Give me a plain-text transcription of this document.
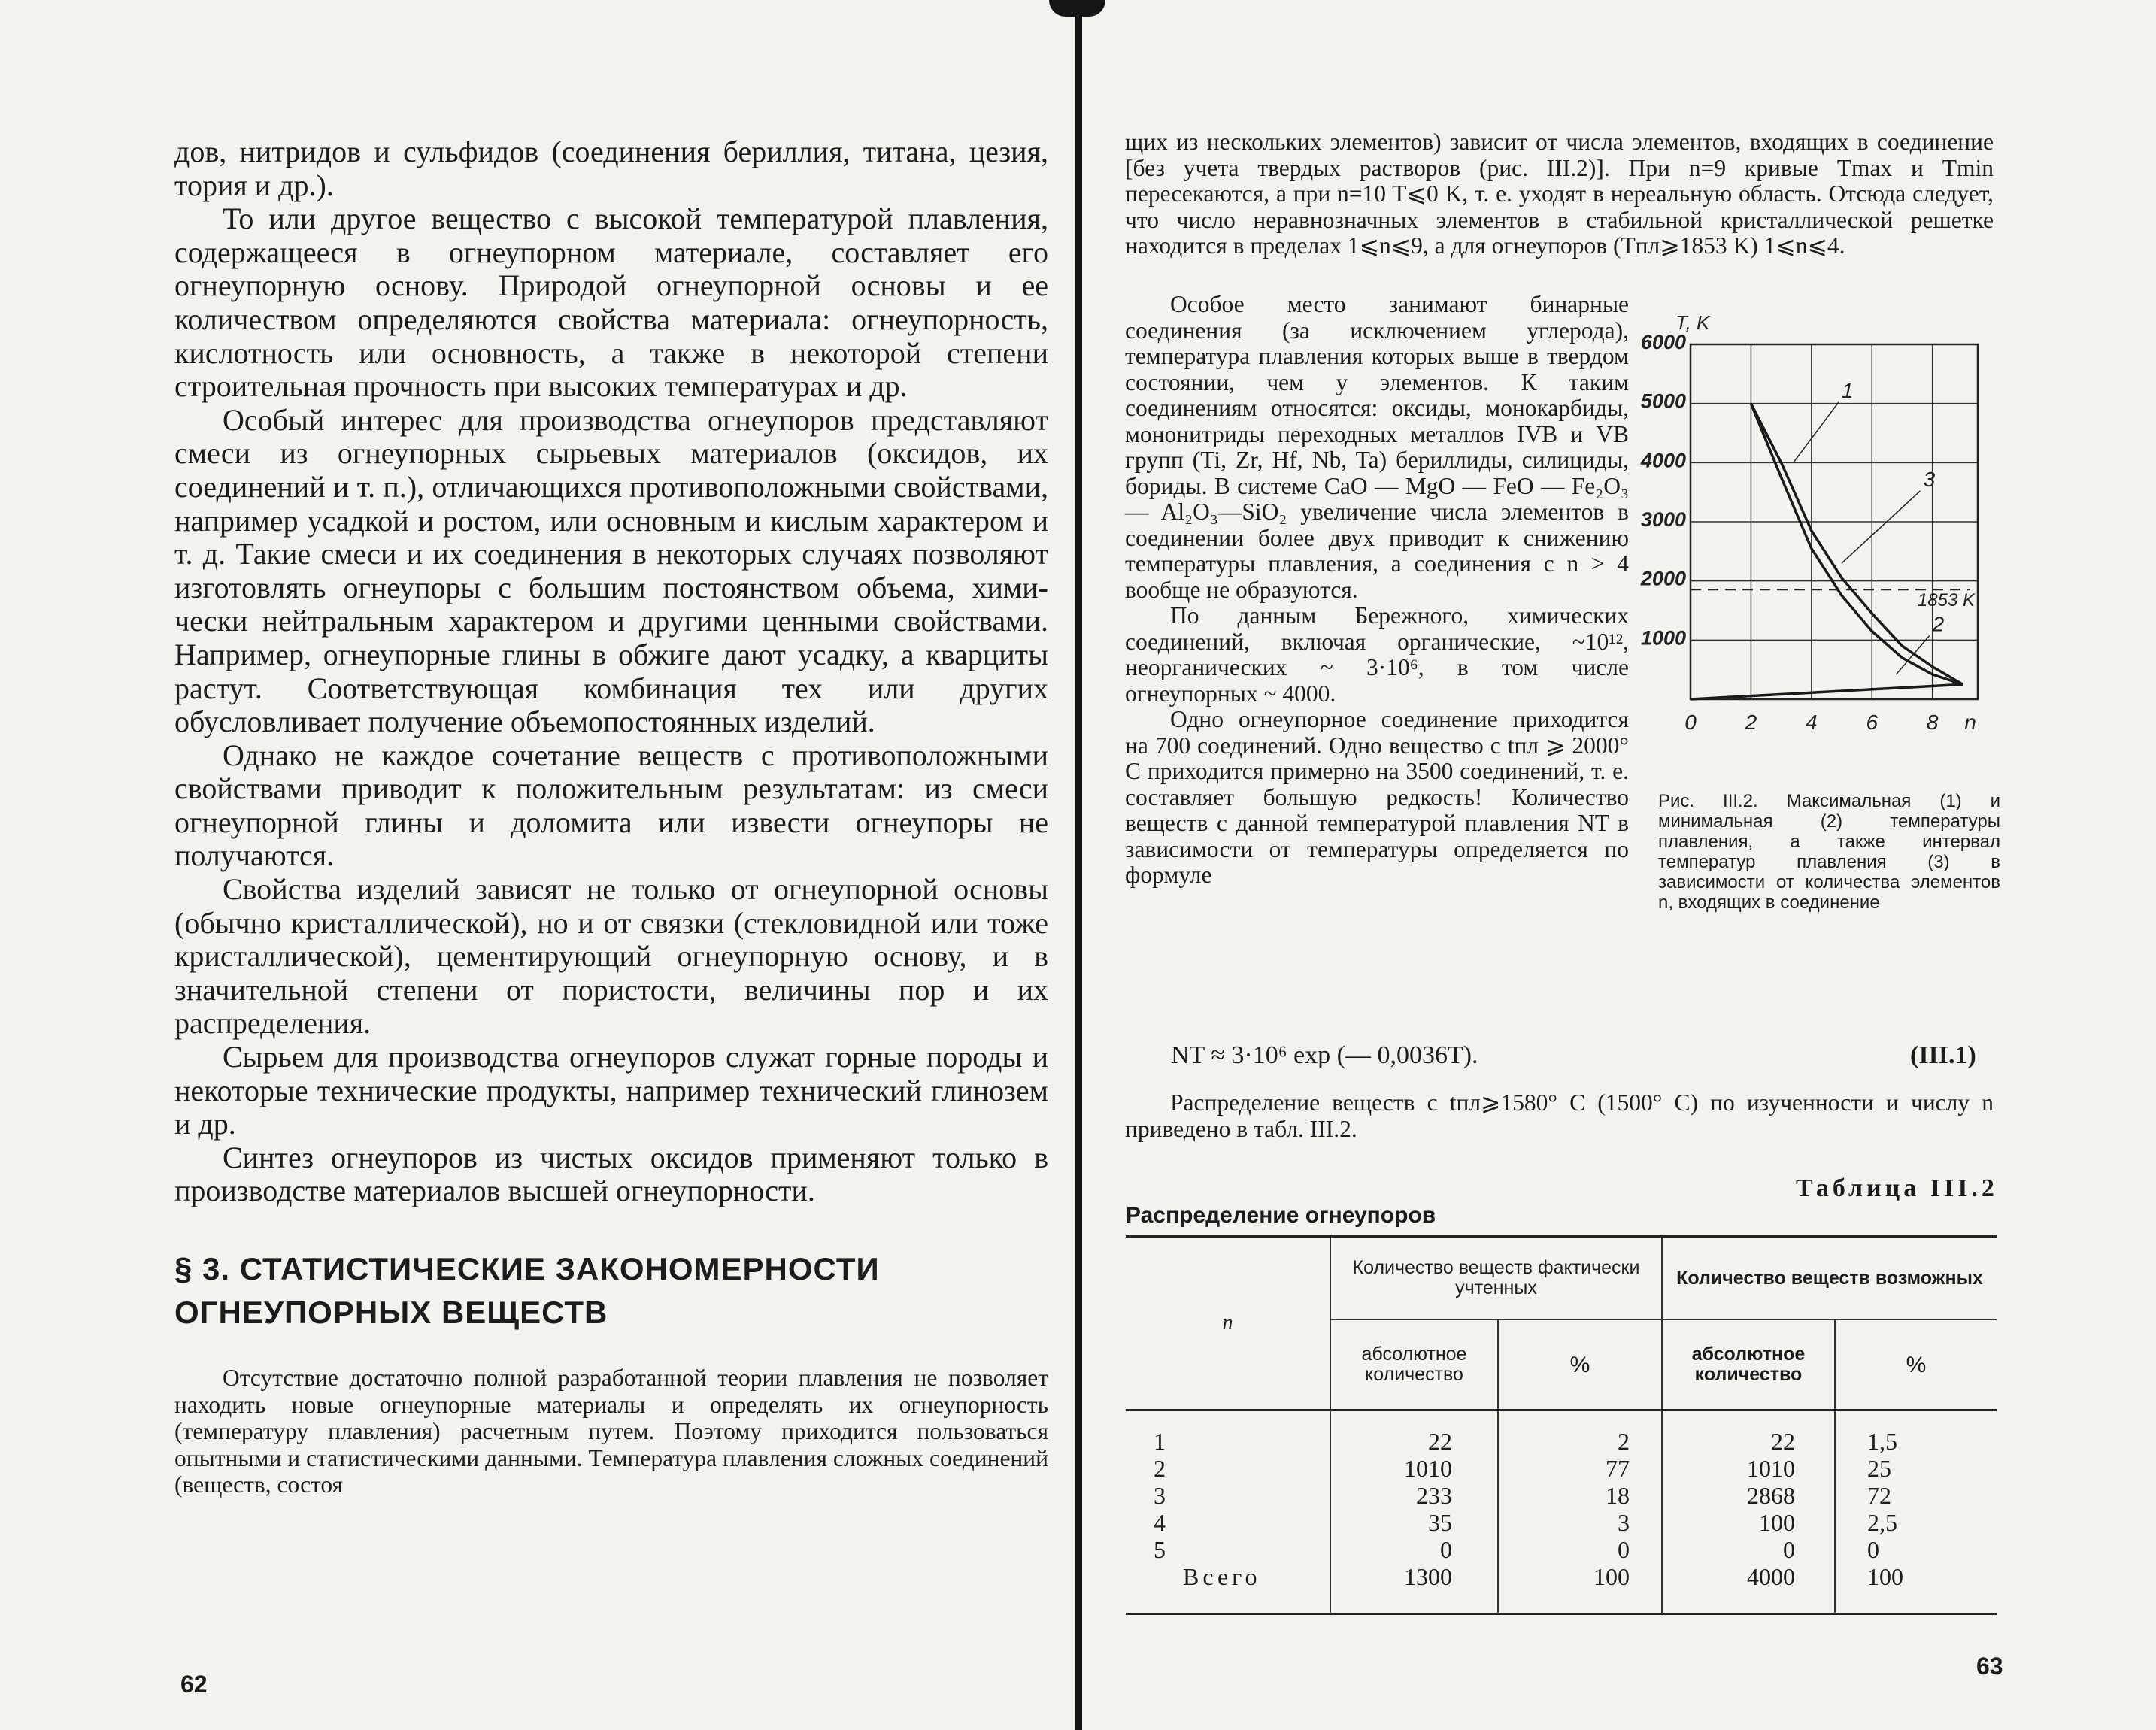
дов, нитридов и сульфидов (соединения бериллия, титана, цезия, тория и др.).

То или другое вещество с высокой температурой плавления, содержащееся в огнеупорном материале, составляет его огнеупорную основу. Природой огнеупорной основы и ее количеством определяются свойства материала: огнеупорность, кислотность или основность, а также в некоторой степени строительная прочность при высоких температурах и др.

Особый интерес для производства огнеупоров представляют смеси из огнеупорных сырьевых материалов (оксидов, их соединений и т. п.), отличающихся противоположными свойствами, например усадкой и ростом, или основным и кислым характером и т. д. Такие смеси и их соединения в некоторых случаях позволяют изготовлять огнеупоры с большим постоянством объема, химически нейтральным характером и другими ценными свойствами. Например, огнеупорные глины в обжиге дают усадку, а кварциты растут. Соответствующая комбинация тех или других обусловливает получение объемопостоянных изделий.

Однако не каждое сочетание веществ с противоположными свойствами приводит к положительным результатам: из смеси огнеупорной глины и доломита или извести огнеупоры не получаются.

Свойства изделий зависят не только от огнеупорной основы (обычно кристаллической), но и от связки (стекловидной или тоже кристаллической), цементирующий огнеупорную основу, и в значительной степени от пористости, величины пор и их распределения.

Сырьем для производства огнеупоров служат горные породы и некоторые технические продукты, например технический глинозем и др.

Синтез огнеупоров из чистых оксидов применяют только в производстве материалов высшей огнеупорности.

§ 3. СТАТИСТИЧЕСКИЕ ЗАКОНОМЕРНОСТИ
ОГНЕУПОРНЫХ ВЕЩЕСТВ

Отсутствие достаточно полной разработанной теории плавления не позволяет находить новые огнеупорные материалы и определять их огнеупорность (температуру плавления) расчетным путем. Поэтому приходится пользоваться опытными и статистическими данными. Температура плавления сложных соединений (веществ, состоя

62

щих из нескольких элементов) зависит от числа элементов, входящих в соединение [без учета твердых растворов (рис. III.2)]. При n=9 кривые Tmax и Tmin пересекаются, а при n=10 T⩽0 K, т. е. уходят в нереальную область. Отсюда следует, что число неравнозначных элементов в стабильной кристаллической решетке находится в пределах 1⩽n⩽9, а для огнеупоров (Tпл⩾1853 K) 1⩽n⩽4.

Особое место занимают бинарные соединения (за исключением углерода), температура плавления которых выше в твердом состоянии, чем у элементов. К таким соединениям относятся: оксиды, монокарбиды, мононитриды переходных металлов IVB и VB групп (Ti, Zr, Hf, Nb, Ta) бериллиды, силициды, бориды. В системе CaO — MgO — FeO — Fe₂O₃ — Al₂O₃—SiO₂ увеличение числа элементов в соединении более двух приводит к снижению температуры плавления, а соединения с n > 4 вообще не образуются.

По данным Бережного, химических соединений, включая органические, ~10¹², неорганических ~ 3·10⁶, в том числе огнеупорных ~ 4000.

Одно огнеупорное соединение приходится на 700 соединений. Одно вещество с tпл ⩾ 2000° C приходится примерно на 3500 соединений, т. е. составляет большую редкость! Количество веществ с данной температурой плавления NT в зависимости от температуры определяется по формуле

T, K
1000
2000
3000
4000
5000
6000
0 2 4 6 8 n
1853 K
1
2
3
Рис. III.2. Максимальная (1) и минимальная (2) температуры плавления, а также интервал температур плавления (3) в зависимости от количества элементов n, входящих в соединение
NT ≈ 3·10⁶ exp (— 0,0036T).	(III.1)

Распределение веществ с tпл⩾1580° C (1500° C) по изученности и числу n приведено в табл. III.2.

Таблица III.2
Распределение огнеупоров
n	Количество веществ фактически учтенных		Количество веществ возможных	
	абсолютное количество	%	абсолютное количество	%
1	22	2	22	1,5
2	1010	77	1010	25
3	233	18	2868	72
4	35	3	100	2,5
5	0	0	0	0
Всего	1300	100	4000	100
63
